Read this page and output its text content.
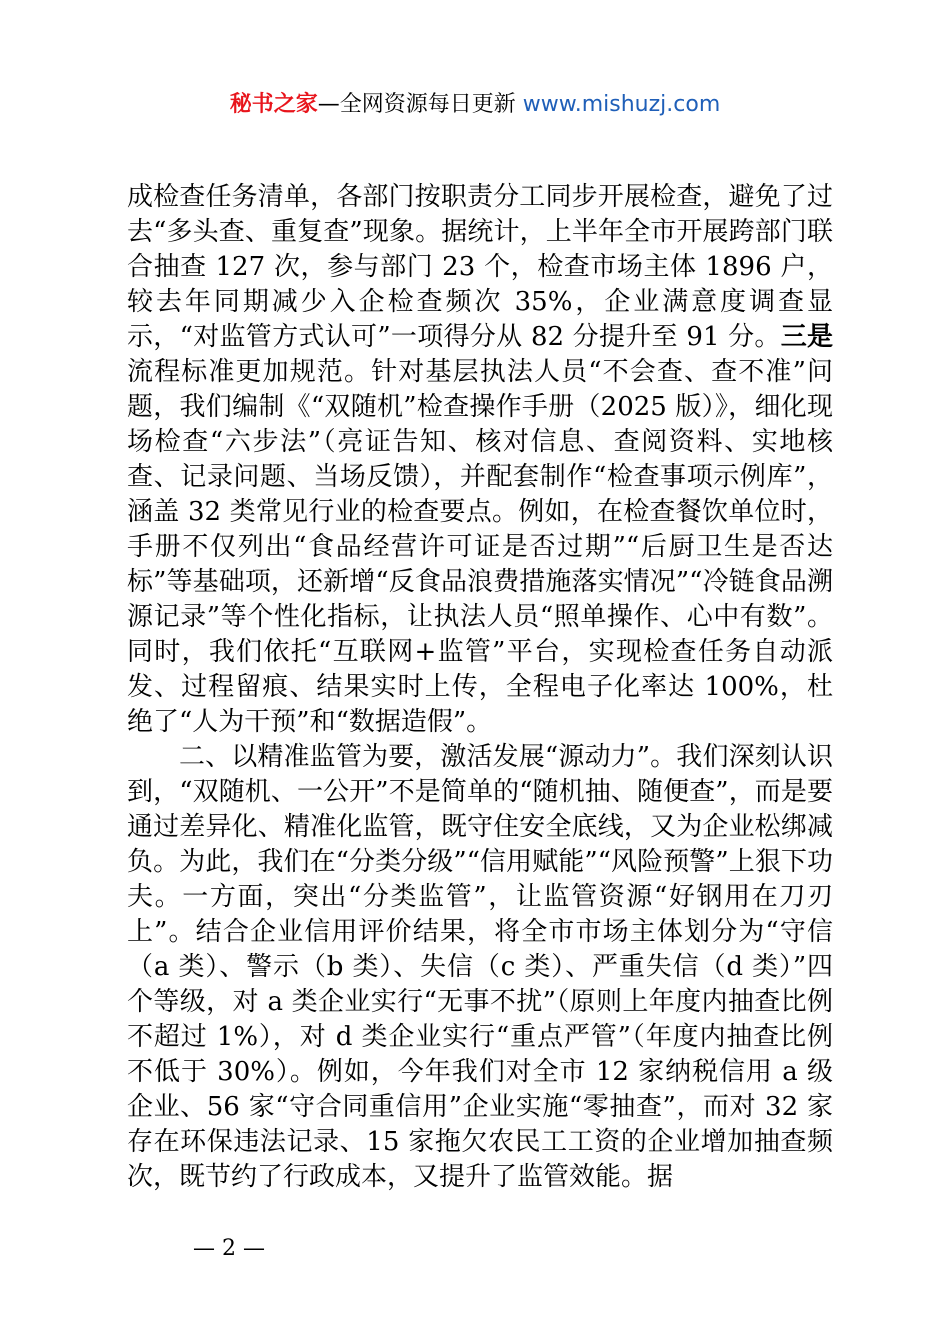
秘书之家—全网资源每日更新 www.mishuzj.com

成检查任务清单，各部门按职责分工同步开展检查，避免了过去“多头查、重复查”现象。据统计，上半年全市开展跨部门联合抽查 127 次，参与部门 23 个，检查市场主体 1896 户，较去年同期减少入企检查频次 35%，企业满意度调查显示，“对监管方式认可”一项得分从 82 分提升至 91 分。三是流程标准更加规范。针对基层执法人员“不会查、查不准”问题，我们编制《“双随机”检查操作手册（2025 版）》，细化现场检查“六步法”（亮证告知、核对信息、查阅资料、实地核查、记录问题、当场反馈），并配套制作“检查事项示例库”，涵盖 32 类常见行业的检查要点。例如，在检查餐饮单位时，手册不仅列出“食品经营许可证是否过期”“后厨卫生是否达标”等基础项，还新增“反食品浪费措施落实情况”“冷链食品溯源记录”等个性化指标，让执法人员“照单操作、心中有数”。同时，我们依托“互联网+监管”平台，实现检查任务自动派发、过程留痕、结果实时上传，全程电子化率达 100%，杜绝了“人为干预”和“数据造假”。

二、以精准监管为要，激活发展“源动力”。我们深刻认识到，“双随机、一公开”不是简单的“随机抽、随便查”，而是要通过差异化、精准化监管，既守住安全底线，又为企业松绑减负。为此，我们在“分类分级”“信用赋能”“风险预警”上狠下功夫。一方面，突出“分类监管”，让监管资源“好钢用在刀刃上”。结合企业信用评价结果，将全市市场主体划分为“守信（a 类）、警示（b 类）、失信（c 类）、严重失信（d 类）”四个等级，对 a 类企业实行“无事不扰”（原则上年度内抽查比例不超过 1%），对 d 类企业实行“重点严管”（年度内抽查比例不低于 30%）。例如，今年我们对全市 12 家纳税信用 a 级企业、56 家“守合同重信用”企业实施“零抽查”，而对 32 家存在环保违法记录、15 家拖欠农民工工资的企业增加抽查频次，既节约了行政成本，又提升了监管效能。据

— 2 —
